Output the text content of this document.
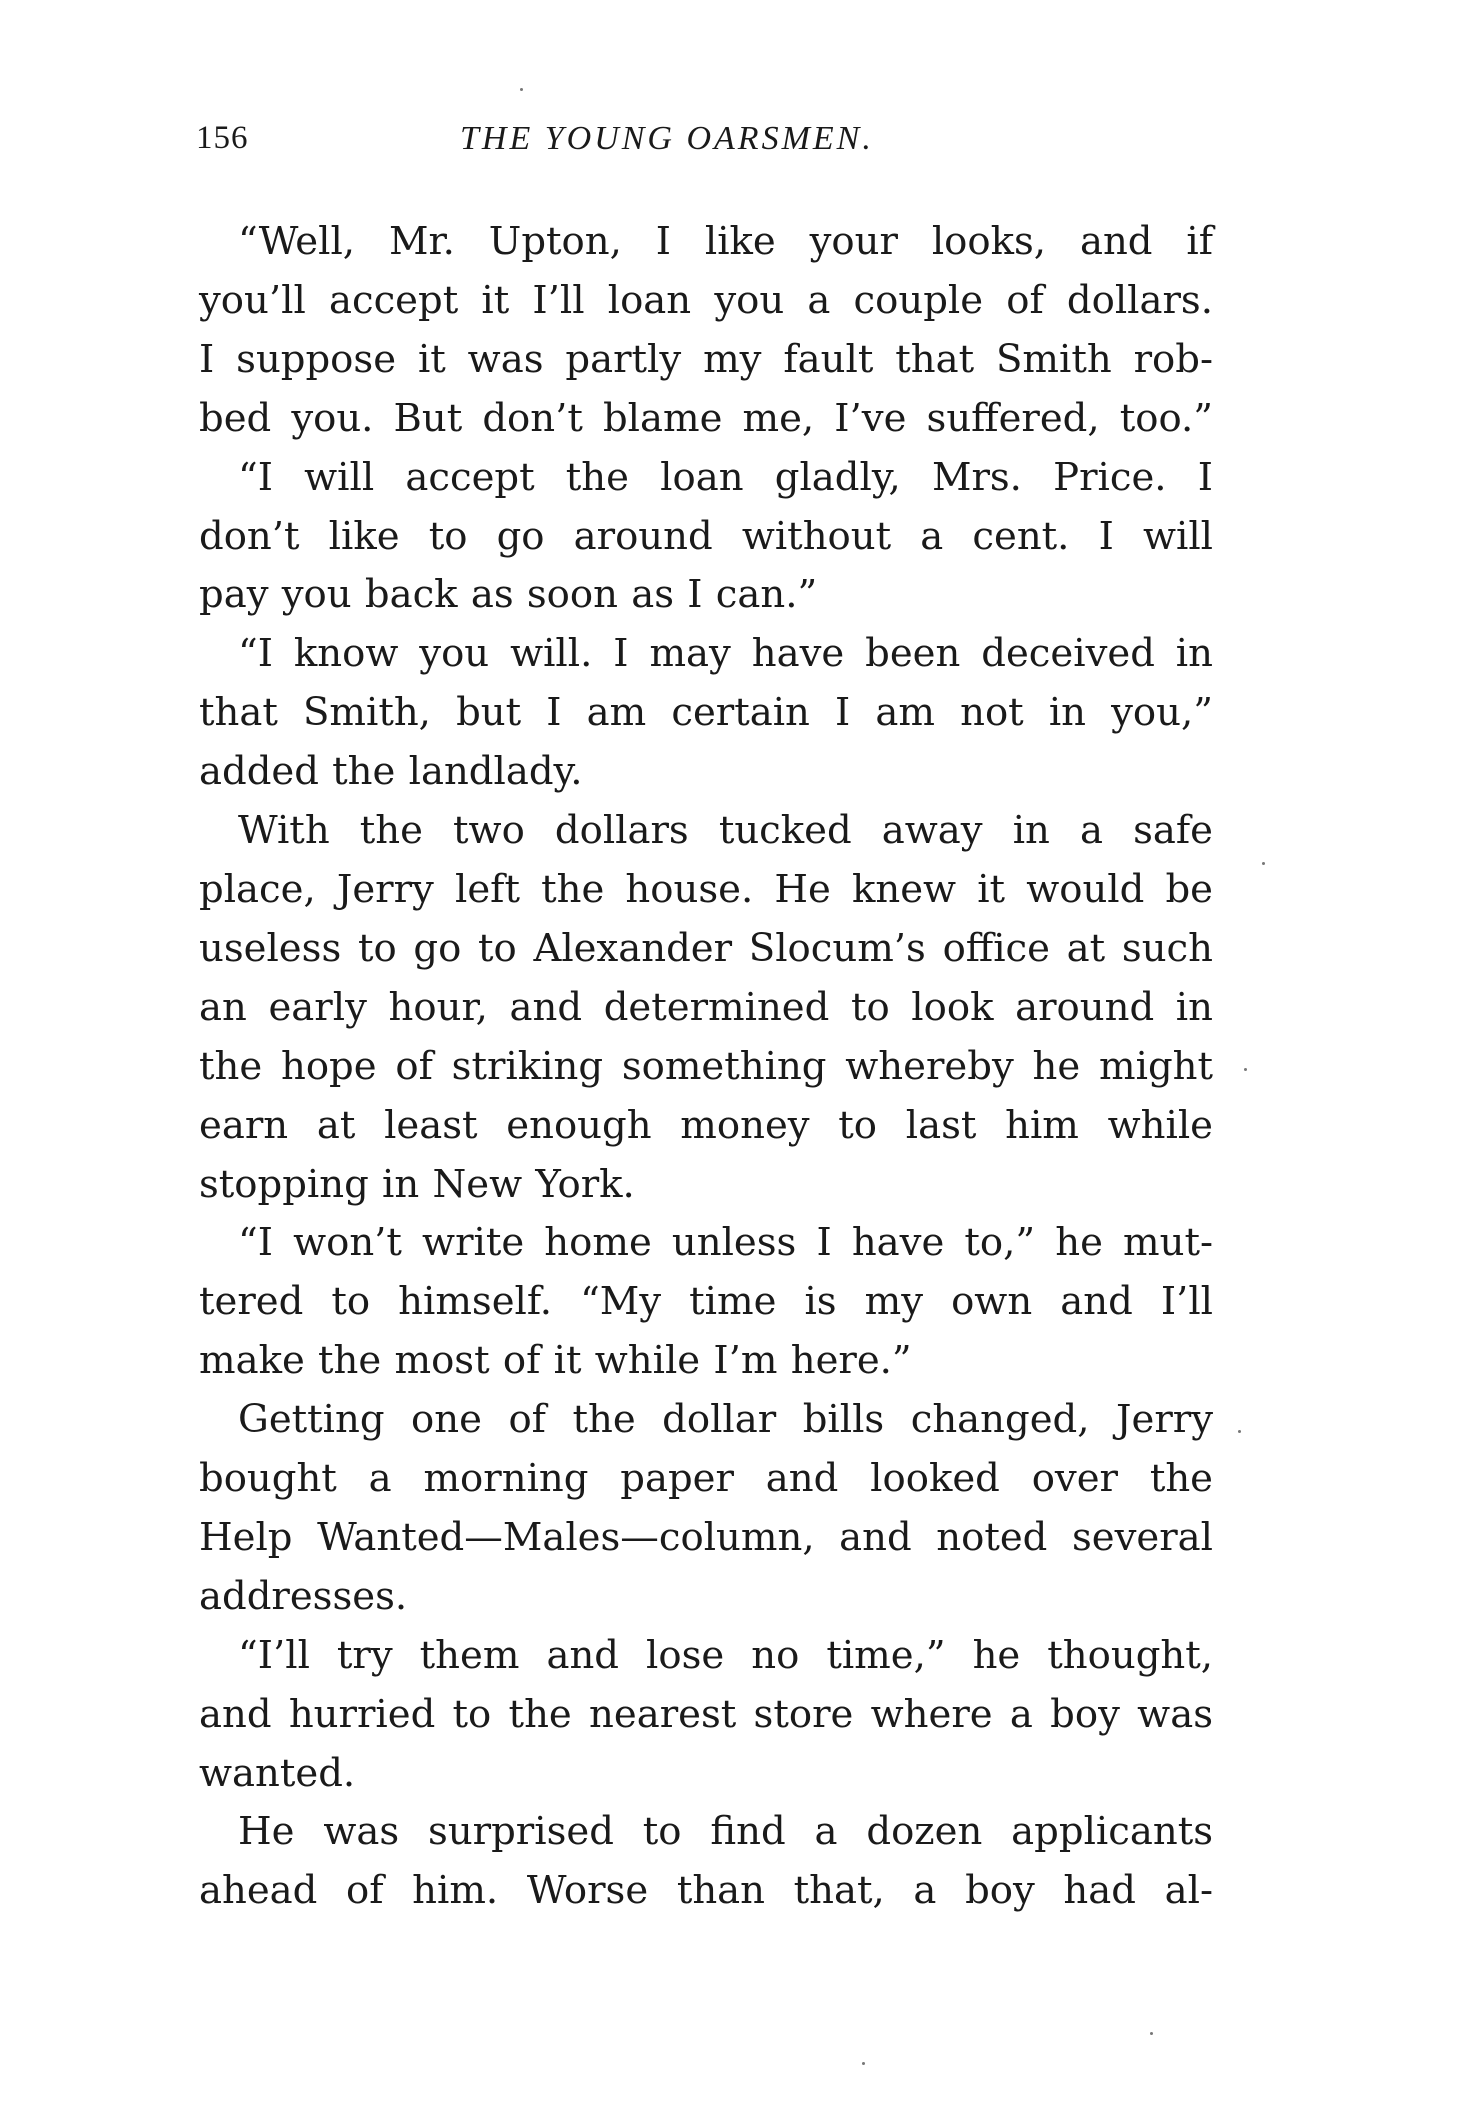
156	THE YOUNG OARSMEN.
“Well, Mr. Upton, I like your looks, and if
you’ll accept it I’ll loan you a couple of dollars.
I suppose it was partly my fault that Smith rob-
bed you. But don’t blame me, I’ve suffered, too.”
“I will accept the loan gladly, Mrs. Price. I
don’t like to go around without a cent. I will
pay you back as soon as I can.”
“I know you will. I may have been deceived in
that Smith, but I am certain I am not in you,”
added the landlady.
With the two dollars tucked away in a safe
place, Jerry left the house. He knew it would be
useless to go to Alexander Slocum’s office at such
an early hour, and determined to look around in
the hope of striking something whereby he might
earn at least enough money to last him while
stopping in New York.
“I won’t write home unless I have to,” he mut-
tered to himself. “My time is my own and I’ll
make the most of it while I’m here.”
Getting one of the dollar bills changed, Jerry
bought a morning paper and looked over the
Help Wanted—Males—column, and noted several
addresses.
“I’ll try them and lose no time,” he thought,
and hurried to the nearest store where a boy was
wanted.
He was surprised to find a dozen applicants
ahead of him. Worse than that, a boy had al-
